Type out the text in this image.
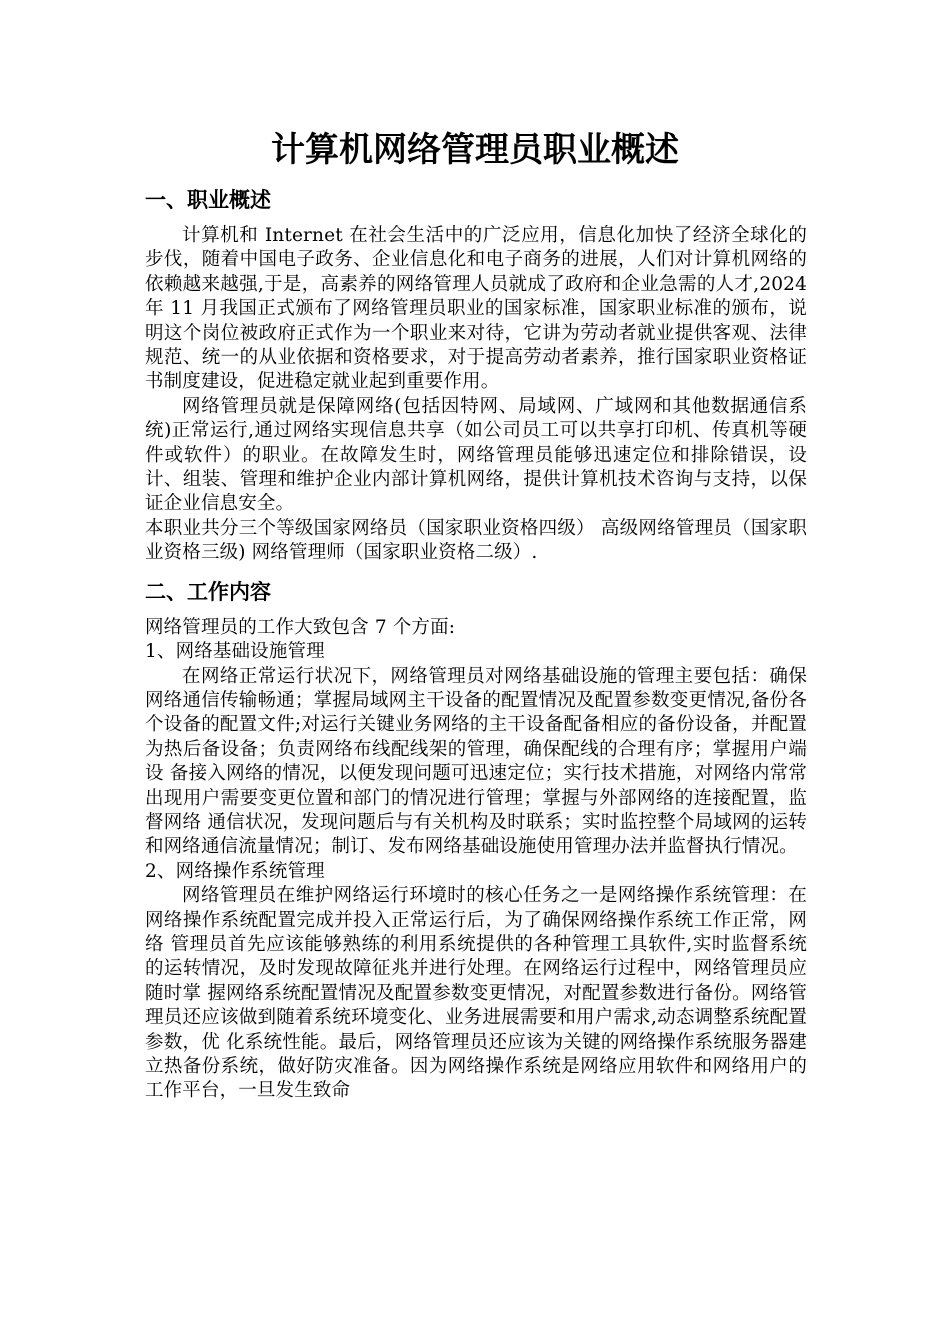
计算机网络管理员职业概述
一、职业概述

计算机和 Internet 在社会生活中的广泛应用，信息化加快了经济全球化的步伐，随着中国电子政务、企业信息化和电子商务的进展，人们对计算机网络的依赖越来越强,于是，高素养的网络管理人员就成了政府和企业急需的人才,2024 年 11 月我国正式颁布了网络管理员职业的国家标准，国家职业标准的颁布，说明这个岗位被政府正式作为一个职业来对待，它讲为劳动者就业提供客观、法律规范、统一的从业依据和资格要求，对于提高劳动者素养，推行国家职业资格证书制度建设，促进稳定就业起到重要作用。

网络管理员就是保障网络(包括因特网、局域网、广域网和其他数据通信系统)正常运行,通过网络实现信息共享（如公司员工可以共享打印机、传真机等硬件或软件）的职业。在故障发生时，网络管理员能够迅速定位和排除错误，设计、组装、管理和维护企业内部计算机网络，提供计算机技术咨询与支持，以保证企业信息安全。

本职业共分三个等级国家网络员（国家职业资格四级） 高级网络管理员（国家职业资格三级) 网络管理师（国家职业资格二级）.

二、工作内容

网络管理员的工作大致包含 7 个方面:

1、网络基础设施管理

在网络正常运行状况下，网络管理员对网络基础设施的管理主要包括：确保网络通信传输畅通；掌握局域网主干设备的配置情况及配置参数变更情况,备份各个设备的配置文件;对运行关键业务网络的主干设备配备相应的备份设备，并配置为热后备设备；负责网络布线配线架的管理，确保配线的合理有序；掌握用户端设 备接入网络的情况，以便发现问题可迅速定位；实行技术措施，对网络内常常出现用户需要变更位置和部门的情况进行管理；掌握与外部网络的连接配置，监督网络 通信状况，发现问题后与有关机构及时联系；实时监控整个局域网的运转和网络通信流量情况；制订、发布网络基础设施使用管理办法并监督执行情况。

2、网络操作系统管理

网络管理员在维护网络运行环境时的核心任务之一是网络操作系统管理：在网络操作系统配置完成并投入正常运行后，为了确保网络操作系统工作正常，网络 管理员首先应该能够熟练的利用系统提供的各种管理工具软件,实时监督系统的运转情况，及时发现故障征兆并进行处理。在网络运行过程中，网络管理员应随时掌 握网络系统配置情况及配置参数变更情况，对配置参数进行备份。网络管理员还应该做到随着系统环境变化、业务进展需要和用户需求,动态调整系统配置参数，优 化系统性能。最后，网络管理员还应该为关键的网络操作系统服务器建立热备份系统，做好防灾准备。因为网络操作系统是网络应用软件和网络用户的工作平台，一旦发生致命
